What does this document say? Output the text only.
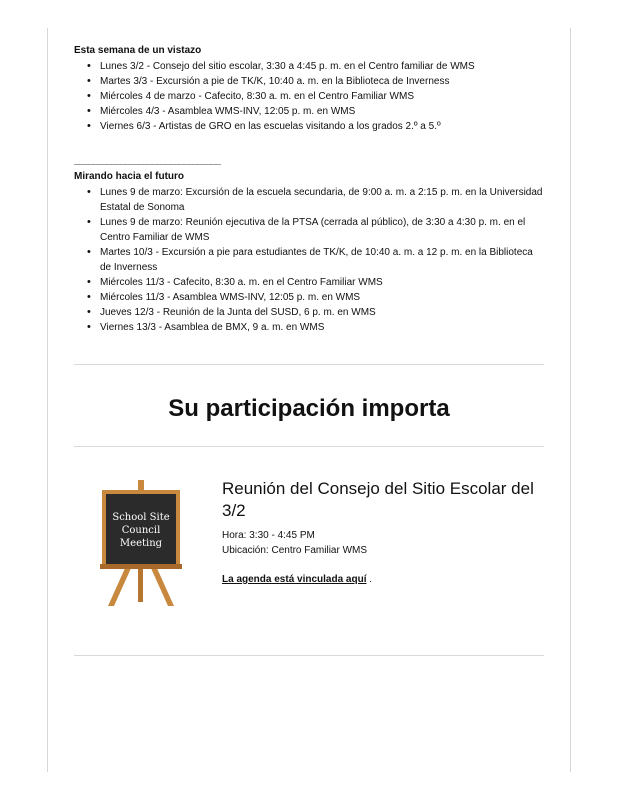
Esta semana de un vistazo
• Lunes 3/2 - Consejo del sitio escolar, 3:30 a 4:45 p. m. en el Centro familiar de WMS
• Martes 3/3 - Excursión a pie de TK/K, 10:40 a. m. en la Biblioteca de Inverness
• Miércoles 4 de marzo - Cafecito, 8:30 a. m. en el Centro Familiar WMS
• Miércoles 4/3 - Asamblea WMS-INV, 12:05 p. m. en WMS
• Viernes 6/3 - Artistas de GRO en las escuelas visitando a los grados 2.º a 5.º
________________________________
Mirando hacia el futuro
• Lunes 9 de marzo: Excursión de la escuela secundaria, de 9:00 a. m. a 2:15 p. m. en la Universidad Estatal de Sonoma
• Lunes 9 de marzo: Reunión ejecutiva de la PTSA (cerrada al público), de 3:30 a 4:30 p. m. en el Centro Familiar de WMS
• Martes 10/3 - Excursión a pie para estudiantes de TK/K, de 10:40 a. m. a 12 p. m. en la Biblioteca de Inverness
• Miércoles 11/3 - Cafecito, 8:30 a. m. en el Centro Familiar WMS
• Miércoles 11/3 - Asamblea WMS-INV, 12:05 p. m. en WMS
• Jueves 12/3 - Reunión de la Junta del SUSD, 6 p. m. en WMS
• Viernes 13/3 - Asamblea de BMX, 9 a. m. en WMS
Su participación importa
School Site
Council
Meeting
Reunión del Consejo del Sitio Escolar del 3/2
Hora: 3:30 - 4:45 PM
Ubicación: Centro Familiar WMS
La agenda está vinculada aquí .
